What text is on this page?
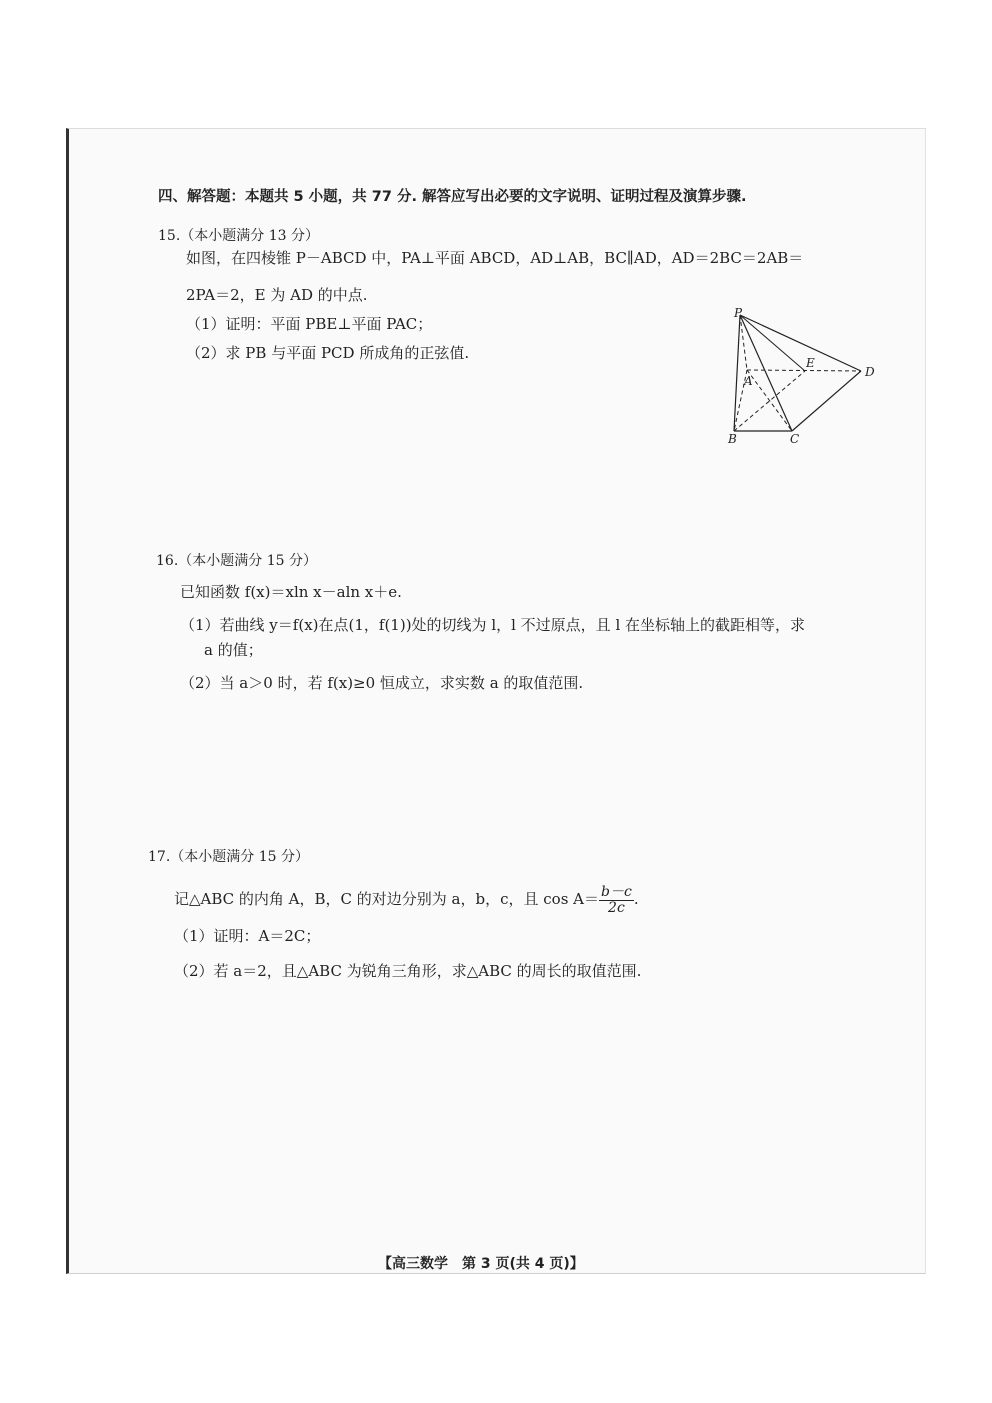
四、解答题：本题共 5 小题，共 77 分. 解答应写出必要的文字说明、证明过程及演算步骤.
15.（本小题满分 13 分）
如图，在四棱锥 P－ABCD 中，PA⊥平面 ABCD，AD⊥AB，BC∥AD，AD＝2BC＝2AB＝
2PA＝2，E 为 AD 的中点.
（1）证明：平面 PBE⊥平面 PAC；
（2）求 PB 与平面 PCD 所成角的正弦值.
P
E
D
A
B	C
16.（本小题满分 15 分）
已知函数 f(x)＝xln x－aln x＋e.
（1）若曲线 y＝f(x)在点(1，f(1))处的切线为 l，l 不过原点，且 l 在坐标轴上的截距相等，求
a 的值；
（2）当 a＞0 时，若 f(x)≥0 恒成立，求实数 a 的取值范围.
17.（本小题满分 15 分）
记△ABC 的内角 A，B，C 的对边分别为 a，b，c，且 $\cos A= \frac{b-c}{2c}$ .
（1）证明：A＝2C；
（2）若 a＝2，且△ABC 为锐角三角形，求△ABC 的周长的取值范围.
【高三数学　第 3 页(共 4 页)】
